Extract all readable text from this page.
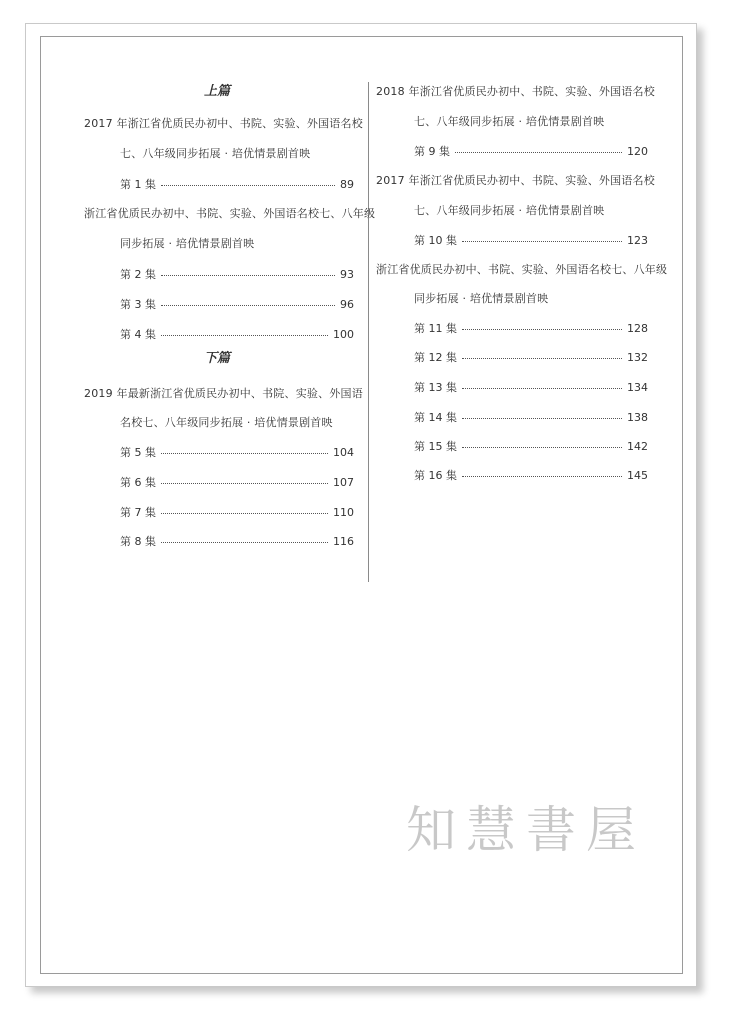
上篇
2017 年浙江省优质民办初中、书院、实验、外国语名校
七、八年级同步拓展 · 培优情景剧首映
第 1 集	89
浙江省优质民办初中、书院、实验、外国语名校七、八年级
同步拓展 · 培优情景剧首映
第 2 集	93
第 3 集	96
第 4 集	100
下篇
2019 年最新浙江省优质民办初中、书院、实验、外国语
名校七、八年级同步拓展 · 培优情景剧首映
第 5 集	104
第 6 集	107
第 7 集	110
第 8 集	116
2018 年浙江省优质民办初中、书院、实验、外国语名校
七、八年级同步拓展 · 培优情景剧首映
第 9 集	120
2017 年浙江省优质民办初中、书院、实验、外国语名校
七、八年级同步拓展 · 培优情景剧首映
第 10 集	123
浙江省优质民办初中、书院、实验、外国语名校七、八年级
同步拓展 · 培优情景剧首映
第 11 集	128
第 12 集	132
第 13 集	134
第 14 集	138
第 15 集	142
第 16 集	145
知慧書屋
